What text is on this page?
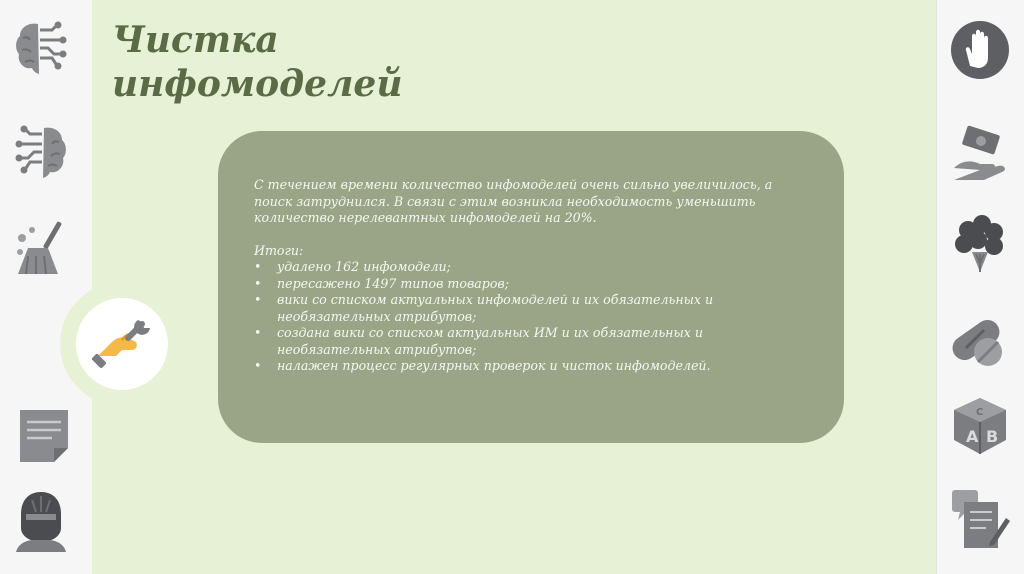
A B
C
Чистка
инфомоделей

С течением времени количество инфомоделей очень сильно увеличилось, а поиск затруднился. В связи с этим возникла необходимость уменьшить количество нерелевантных инфомоделей на 20%.

Итоги:

• удалено 162 инфомодели;
• пересажено 1497 типов товаров;
• вики со списком актуальных инфомоделей и их обязательных и необязательных атрибутов;
• создана вики со списком актуальных ИМ и их обязательных и необязательных атрибутов;
• налажен процесс регулярных проверок и чисток инфомоделей.
